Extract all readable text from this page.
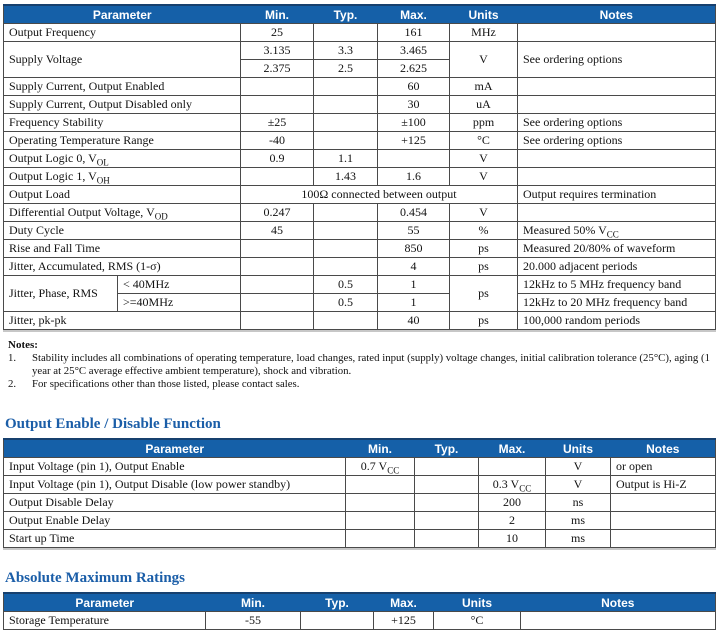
Parameter		Min.	Typ.	Max.	Units	Notes
Output Frequency		25		161	MHz	
Supply Voltage		3.135	3.3	3.465	V	See ordering options
		2.375	2.5	2.625		
Supply Current, Output Enabled				60	mA	
Supply Current, Output Disabled only				30	uA	
Frequency Stability		±25		±100	ppm	See ordering options
Operating Temperature Range		-40		+125	°C	See ordering options
Output Logic 0, $V_{OL}$		0.9	1.1		V	
Output Logic 1, $V_{OH}$			1.43	1.6	V	
Output Load		100Ω connected between output				Output requires termination
Differential Output Voltage, $V_{OD}$		0.247		0.454	V	
Duty Cycle		45		55	%	Measured 50% $V_{CC}$
Rise and Fall Time				850	ps	Measured 20/80% of waveform
Jitter, Accumulated, RMS (1-σ)				4	ps	20.000 adjacent periods
Jitter, Phase, RMS	< 40MHz		0.5	1	ps	12kHz to 5 MHz frequency band
	>=40MHz		0.5	1		12kHz to 20 MHz frequency band
Jitter, pk-pk				40	ps	100,000 random periods
Notes:
1.	Stability includes all combinations of operating temperature, load changes, rated input (supply) voltage changes, initial calibration tolerance (25°C), aging (1 year at 25°C average effective ambient temperature), shock and vibration.
2.	For specifications other than those listed, please contact sales.
Output Enable / Disable Function
Parameter	Min.	Typ.	Max.	Units	Notes
Input Voltage (pin 1), Output Enable	0.7 $V_{CC}$			V	or open
Input Voltage (pin 1), Output Disable (low power standby)			0.3 $V_{CC}$	V	Output is Hi-Z
Output Disable Delay			200	ns	
Output Enable Delay			2	ms	
Start up Time			10	ms	
Absolute Maximum Ratings
Parameter	Min.	Typ.	Max.	Units	Notes
Storage Temperature	-55		+125	°C	
